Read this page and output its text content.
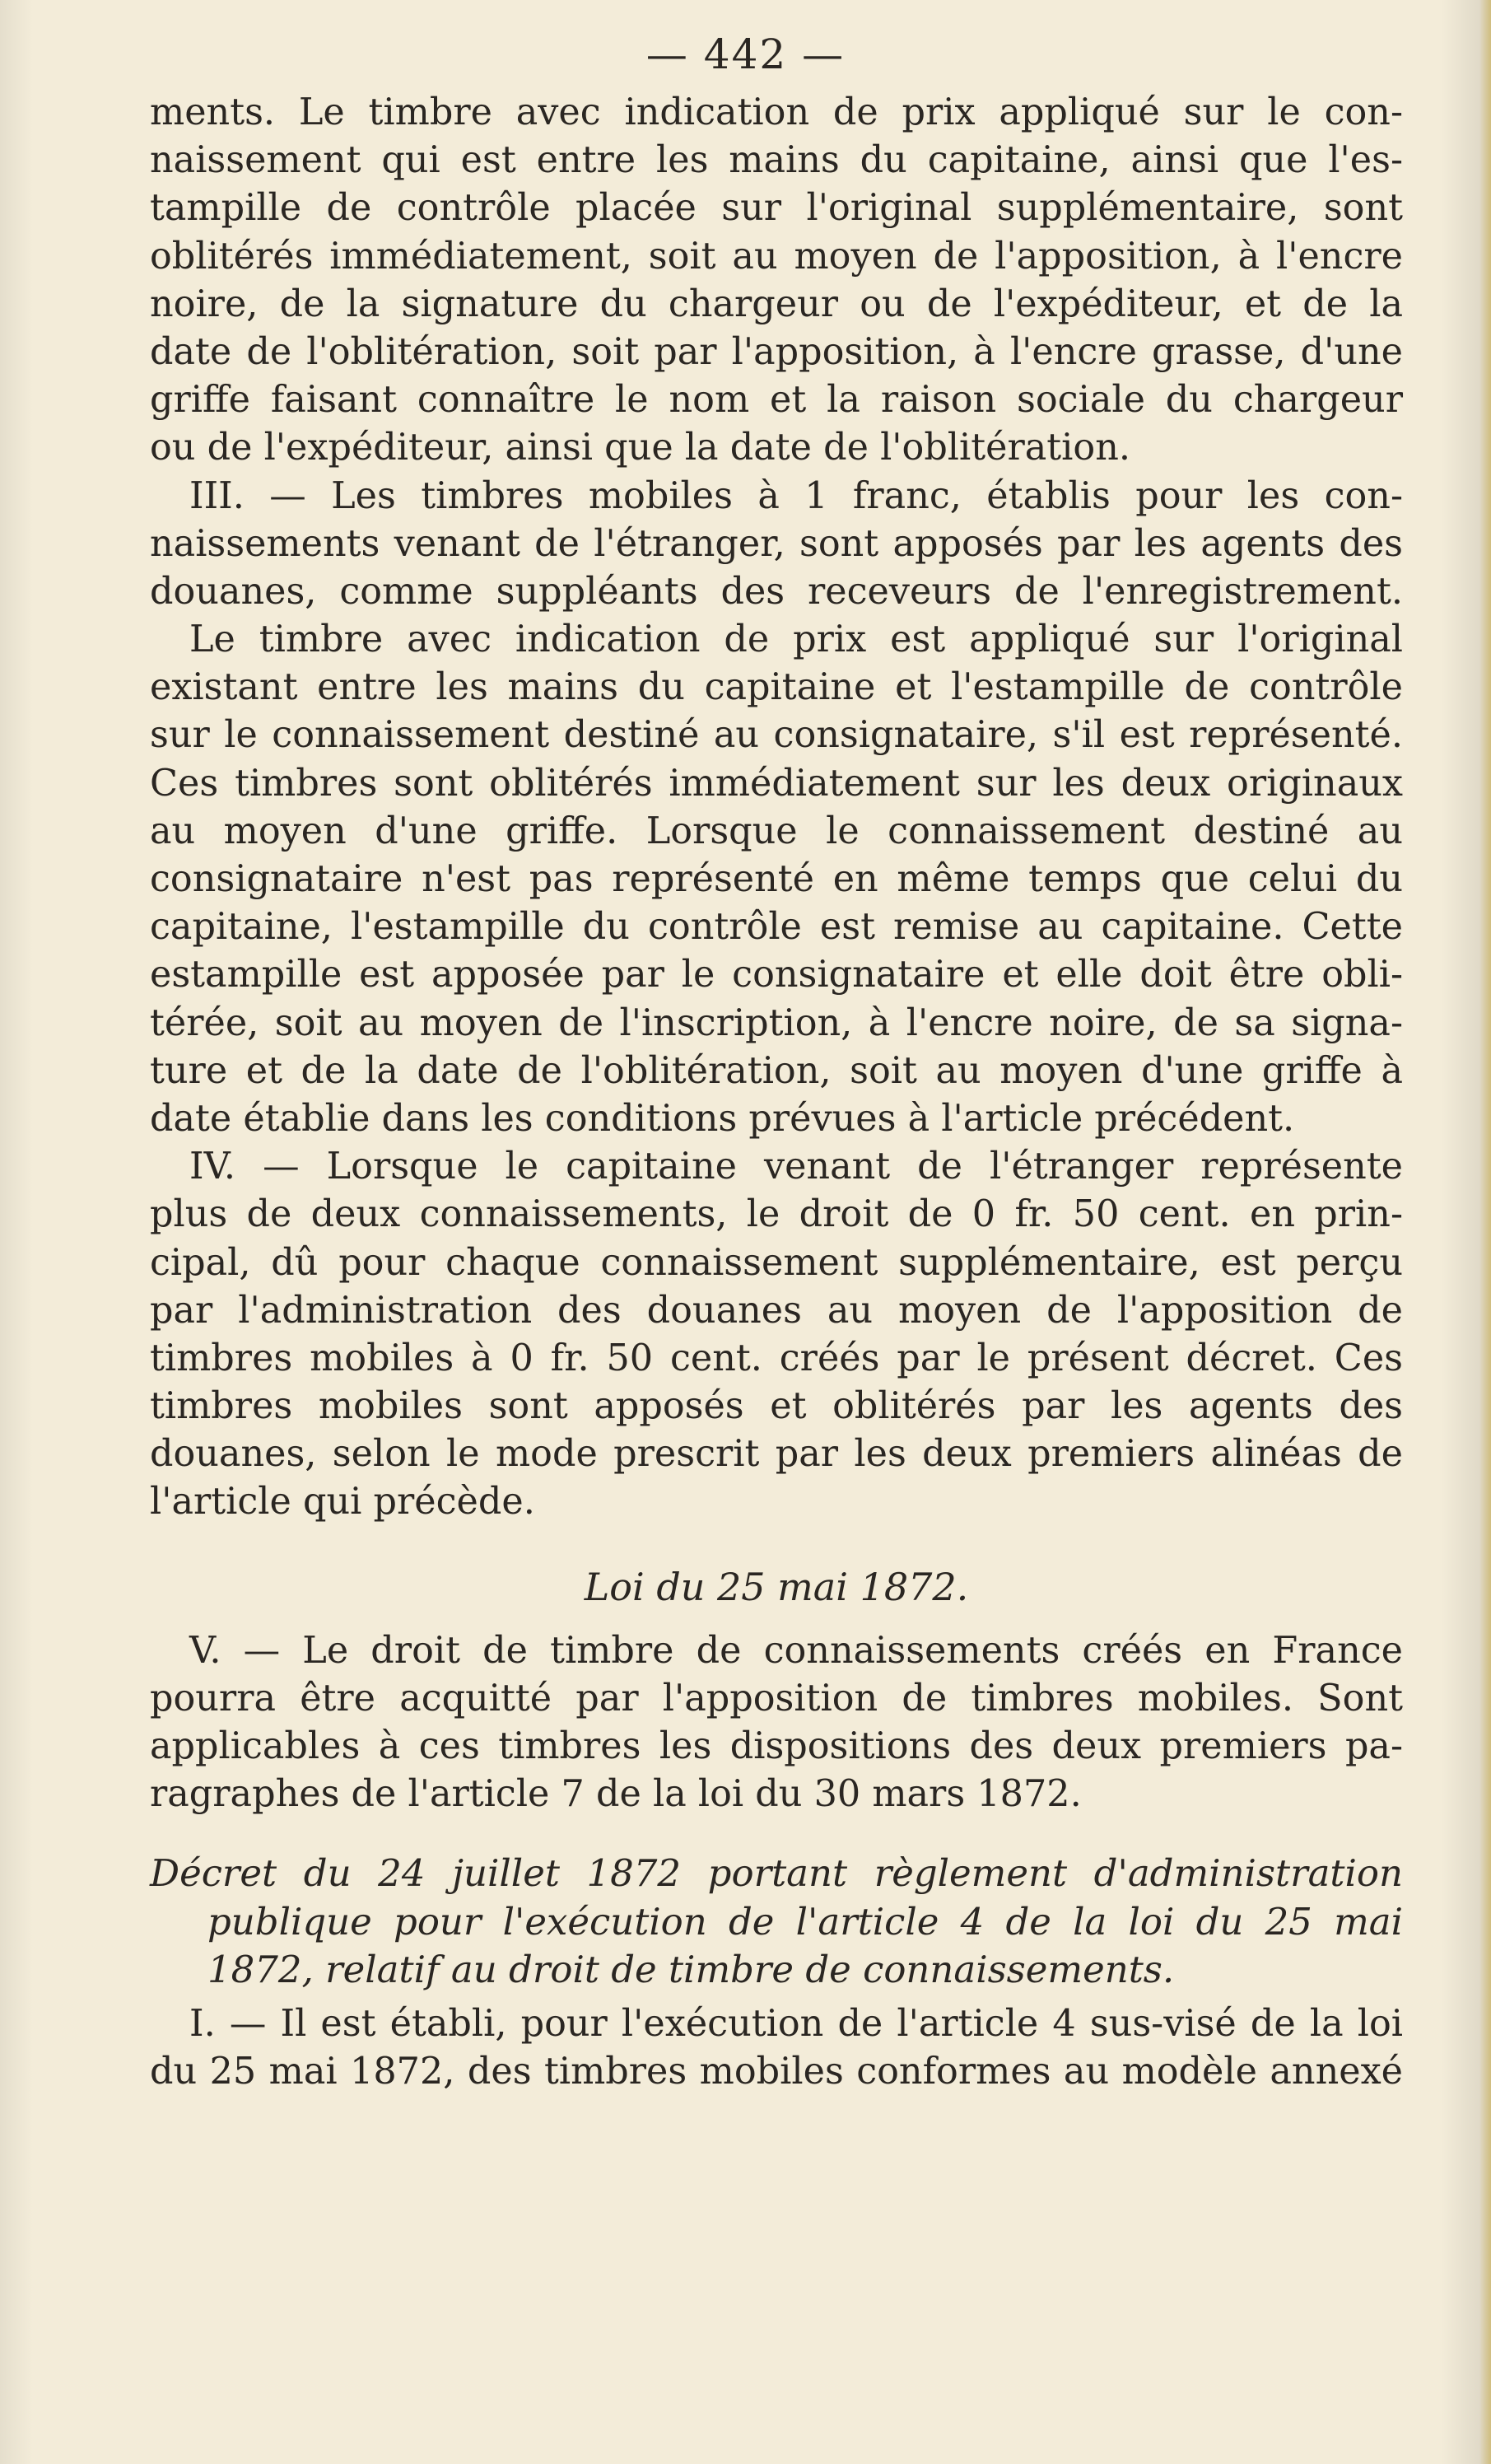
— 442 —
ments. Le timbre avec indication de prix appliqué sur le con-
naissement qui est entre les mains du capitaine, ainsi que l'es-
tampille de contrôle placée sur l'original supplémentaire, sont
oblitérés immédiatement, soit au moyen de l'apposition, à l'encre
noire, de la signature du chargeur ou de l'expéditeur, et de la
date de l'oblitération, soit par l'apposition, à l'encre grasse, d'une
griffe faisant connaître le nom et la raison sociale du chargeur
ou de l'expéditeur, ainsi que la date de l'oblitération.
III. — Les timbres mobiles à 1 franc, établis pour les con-
naissements venant de l'étranger, sont apposés par les agents des
douanes, comme suppléants des receveurs de l'enregistrement.
Le timbre avec indication de prix est appliqué sur l'original
existant entre les mains du capitaine et l'estampille de contrôle
sur le connaissement destiné au consignataire, s'il est représenté.
Ces timbres sont oblitérés immédiatement sur les deux originaux
au moyen d'une griffe. Lorsque le connaissement destiné au
consignataire n'est pas représenté en même temps que celui du
capitaine, l'estampille du contrôle est remise au capitaine. Cette
estampille est apposée par le consignataire et elle doit être obli-
térée, soit au moyen de l'inscription, à l'encre noire, de sa signa-
ture et de la date de l'oblitération, soit au moyen d'une griffe à
date établie dans les conditions prévues à l'article précédent.
IV. — Lorsque le capitaine venant de l'étranger représente
plus de deux connaissements, le droit de 0 fr. 50 cent. en prin-
cipal, dû pour chaque connaissement supplémentaire, est perçu
par l'administration des douanes au moyen de l'apposition de
timbres mobiles à 0 fr. 50 cent. créés par le présent décret. Ces
timbres mobiles sont apposés et oblitérés par les agents des
douanes, selon le mode prescrit par les deux premiers alinéas de
l'article qui précède.
Loi du 25 mai 1872.
V. — Le droit de timbre de connaissements créés en France
pourra être acquitté par l'apposition de timbres mobiles. Sont
applicables à ces timbres les dispositions des deux premiers pa-
ragraphes de l'article 7 de la loi du 30 mars 1872.
Décret du 24 juillet 1872 portant règlement d'administration
publique pour l'exécution de l'article 4 de la loi du 25 mai
1872, relatif au droit de timbre de connaissements.
I. — Il est établi, pour l'exécution de l'article 4 sus-visé de la loi
du 25 mai 1872, des timbres mobiles conformes au modèle annexé
